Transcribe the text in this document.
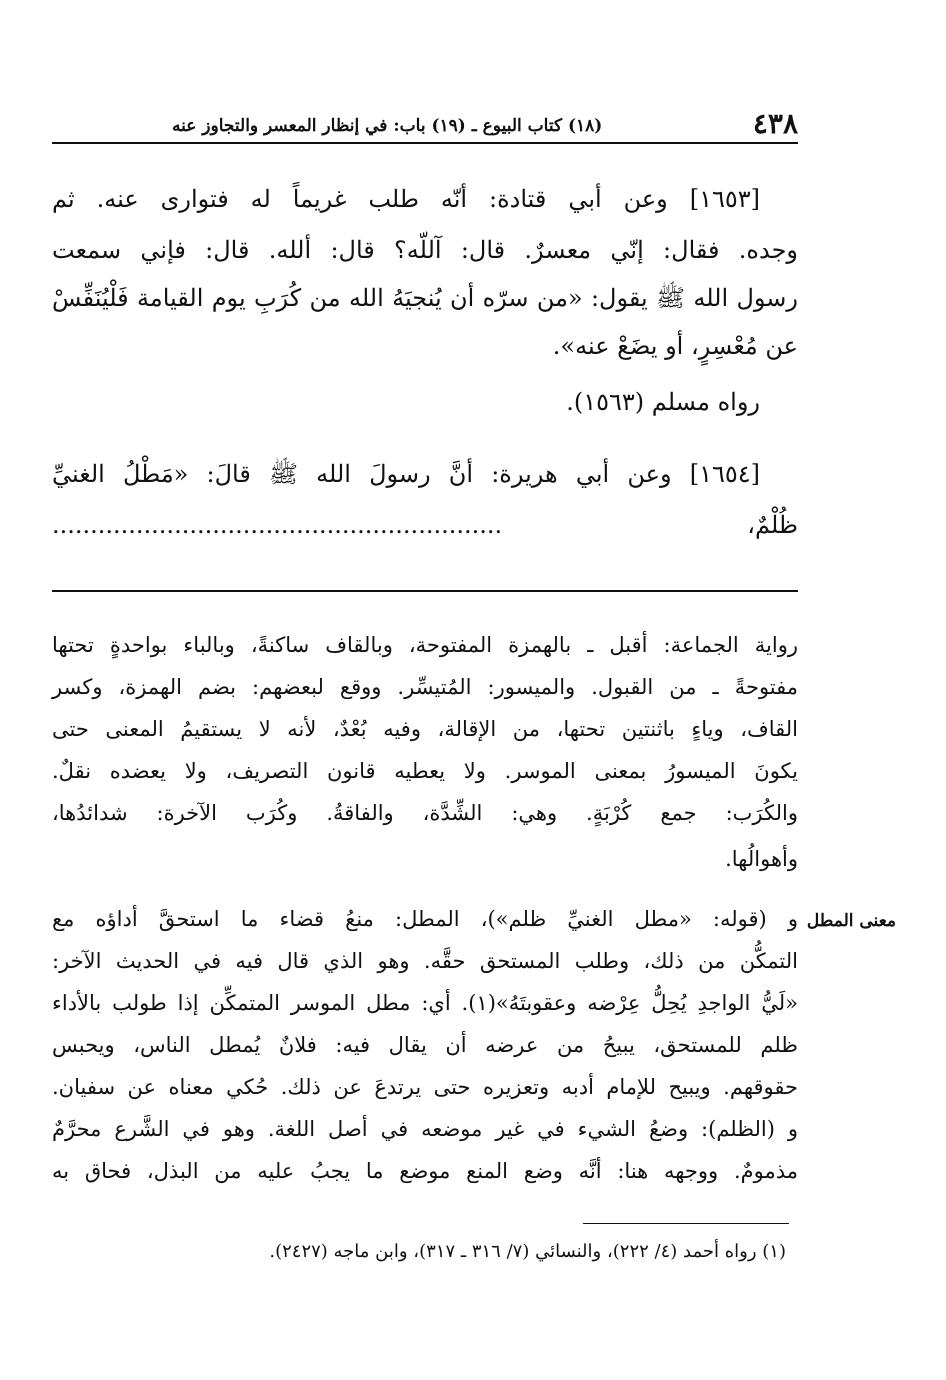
٤٣٨
(١٨) كتاب البيوع ـ (١٩) باب: في إنظار المعسر والتجاوز عنه
[١٦٥٣] وعن أبي قتادة: أنّه طلب غريماً له فتوارى عنه. ثم
وجده. فقال: إنّي معسرٌ. قال: آللّه؟ قال: ألله. قال: فإني سمعت
رسول الله ﷺ يقول: «من سرّه أن يُنجيَهُ الله من كُرَبِ يوم القيامة فَلْيُنَفِّسْ
عن مُعْسِرٍ، أو يضَعْ عنه».
رواه مسلم (١٥٦٣).
[١٦٥٤] وعن أبي هريرة: أنَّ رسولَ الله ﷺ قالَ: «مَطْلُ الغنيِّ
ظُلْمٌ، ...........................................................
رواية الجماعة: أقبل ـ بالهمزة المفتوحة، وبالقاف ساكنةً، وبالباء بواحدةٍ تحتها
مفتوحةً ـ من القبول. والميسور: المُتيسِّر. ووقع لبعضهم: بضم الهمزة، وكسر
القاف، وياءٍ باثنتين تحتها، من الإقالة، وفيه بُعْدٌ، لأنه لا يستقيمُ المعنى حتى
يكونَ الميسورُ بمعنى الموسر. ولا يعطيه قانون التصريف، ولا يعضده نقلٌ.
والكُرَب: جمع كُرْبَةٍ. وهي: الشِّدَّة، والفاقةُ. وكُرَب الآخرة: شدائدُها،
وأهوالُها.
معنى المطل
و (قوله: «مطل الغنيِّ ظلم»)، المطل: منعُ قضاء ما استحقَّ أداؤه مع
التمكُّن من ذلك، وطلب المستحق حقَّه. وهو الذي قال فيه في الحديث الآخر:
«لَيُّ الواجدِ يُحِلُّ عِرْضه وعقوبتَهُ»(١). أي: مطل الموسر المتمكِّن إذا طولب بالأداء
ظلم للمستحق، يبيحُ من عرضه أن يقال فيه: فلانٌ يُمطل الناس، ويحبس
حقوقهم. ويبيح للإمام أدبه وتعزيره حتى يرتدعَ عن ذلك. حُكي معناه عن سفيان.
و (الظلم): وضعُ الشيء في غير موضعه في أصل اللغة. وهو في الشَّرع محرَّمٌ
مذمومٌ. ووجهه هنا: أنَّه وضع المنع موضع ما يجبُ عليه من البذل، فحاق به
(١) رواه أحمد (٤/ ٢٢٢)، والنسائي (٧/ ٣١٦ ـ ٣١٧)، وابن ماجه (٢٤٢٧).
